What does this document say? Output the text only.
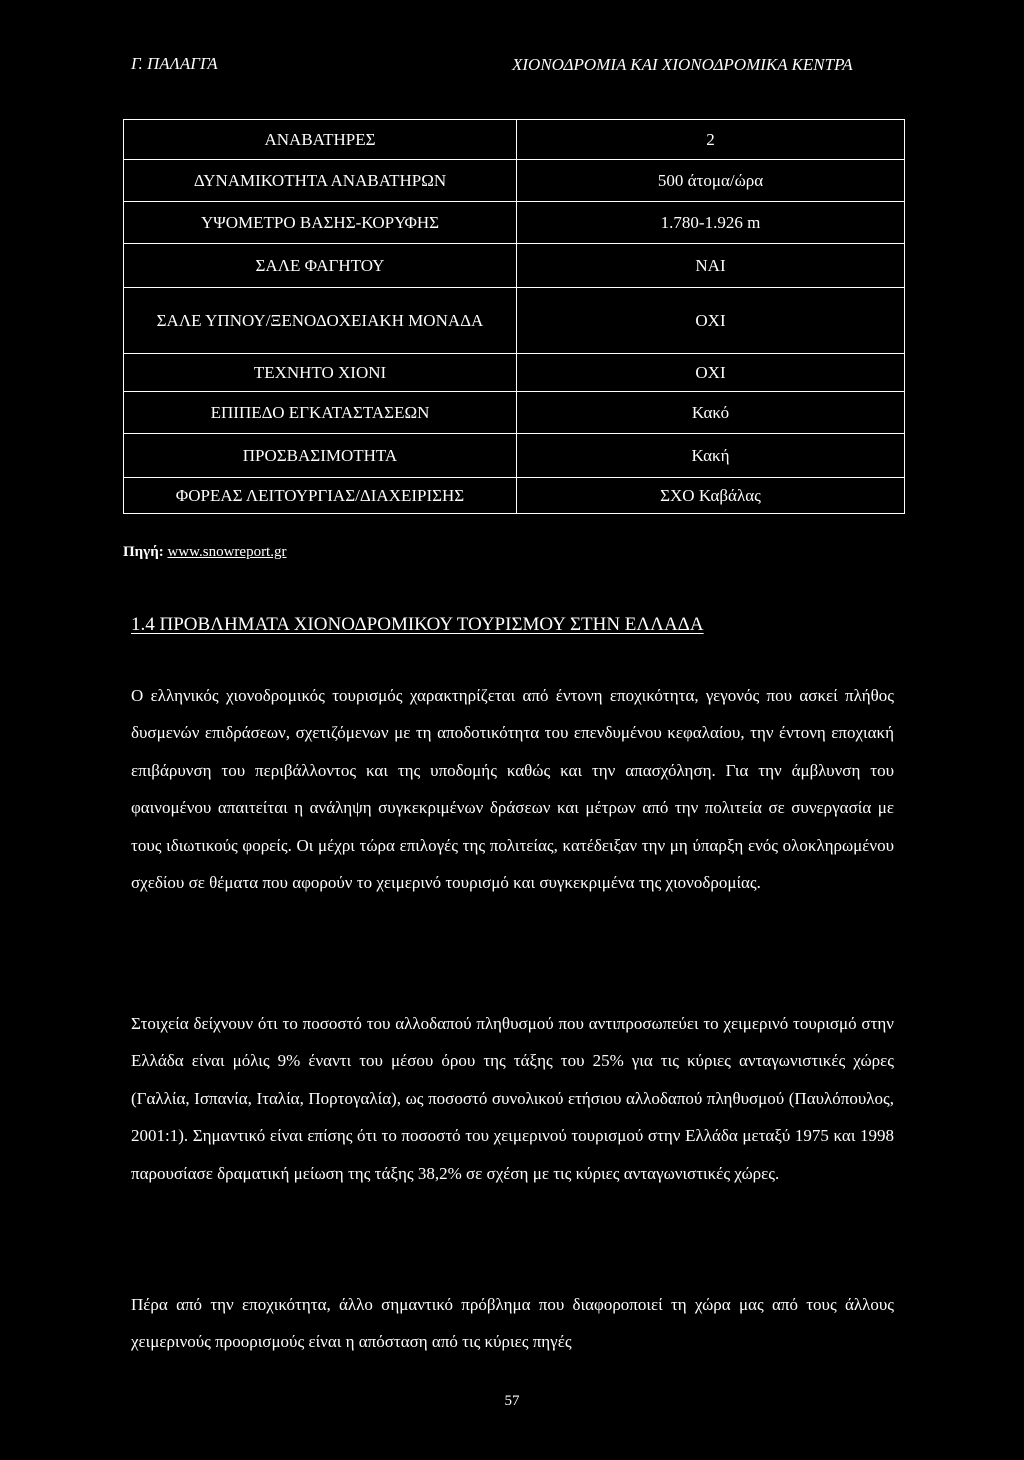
Γ. ΠΑΛΑΓΓΑ	ΧΙΟΝΟΔΡΟΜΙΑ ΚΑΙ ΧΙΟΝΟΔΡΟΜΙΚΑ ΚΕΝΤΡΑ
ΑΝΑΒΑΤΗΡΕΣ	2
ΔΥΝΑΜΙΚΟΤΗΤΑ ΑΝΑΒΑΤΗΡΩΝ	500 άτομα/ώρα
ΥΨΟΜΕΤΡΟ ΒΑΣΗΣ-ΚΟΡΥΦΗΣ	1.780-1.926 m
ΣΑΛΕ ΦΑΓΗΤΟΥ	ΝΑΙ
ΣΑΛΕ ΥΠΝΟΥ/ΞΕΝΟΔΟΧΕΙΑΚΗ ΜΟΝΑΔΑ	ΟΧΙ
ΤΕΧΝΗΤΟ ΧΙΟΝΙ	ΟΧΙ
ΕΠΙΠΕΔΟ ΕΓΚΑΤΑΣΤΑΣΕΩΝ	Κακό
ΠΡΟΣΒΑΣΙΜΟΤΗΤΑ	Κακή
ΦΟΡΕΑΣ ΛΕΙΤΟΥΡΓΙΑΣ/ΔΙΑΧΕΙΡΙΣΗΣ	ΣΧΟ Καβάλας
Πηγή: www.snowreport.gr
1.4 ΠΡΟΒΛΗΜΑΤΑ ΧΙΟΝΟΔΡΟΜΙΚΟΥ ΤΟΥΡΙΣΜΟΥ ΣΤΗΝ ΕΛΛΑΔΑ

Ο ελληνικός χιονοδρομικός τουρισμός χαρακτηρίζεται από έντονη εποχικότητα, γεγονός που ασκεί πλήθος δυσμενών επιδράσεων, σχετιζόμενων με τη αποδοτικότητα του επενδυμένου κεφαλαίου, την έντονη εποχιακή επιβάρυνση του περιβάλλοντος και της υποδομής καθώς και την απασχόληση. Για την άμβλυνση του φαινομένου απαιτείται η ανάληψη συγκεκριμένων δράσεων και μέτρων από την πολιτεία σε συνεργασία με τους ιδιωτικούς φορείς. Οι μέχρι τώρα επιλογές της πολιτείας, κατέδειξαν την μη ύπαρξη ενός ολοκληρωμένου σχεδίου σε θέματα που αφορούν το χειμερινό τουρισμό και συγκεκριμένα της χιονοδρομίας.

Στοιχεία δείχνουν ότι το ποσοστό του αλλοδαπού πληθυσμού που αντιπροσωπεύει το χειμερινό τουρισμό στην Ελλάδα είναι μόλις 9% έναντι του μέσου όρου της τάξης του 25% για τις κύριες ανταγωνιστικές χώρες (Γαλλία, Ισπανία, Ιταλία, Πορτογαλία), ως ποσοστό συνολικού ετήσιου αλλοδαπού πληθυσμού (Παυλόπουλος, 2001:1). Σημαντικό είναι επίσης ότι το ποσοστό του χειμερινού τουρισμού στην Ελλάδα μεταξύ 1975 και 1998 παρουσίασε δραματική μείωση της τάξης 38,2% σε σχέση με τις κύριες ανταγωνιστικές χώρες.

Πέρα από την εποχικότητα, άλλο σημαντικό πρόβλημα που διαφοροποιεί τη χώρα μας από τους άλλους χειμερινούς προορισμούς είναι η απόσταση από τις κύριες πηγές

57
